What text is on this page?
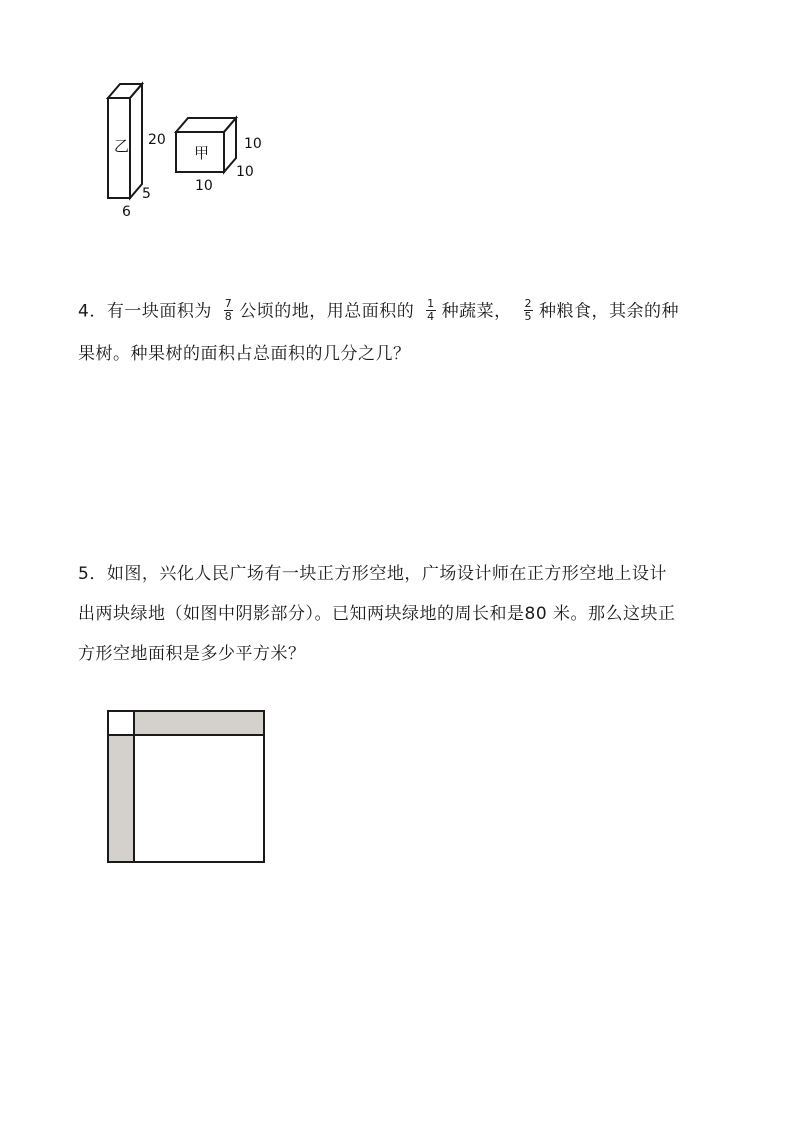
乙 20
5
6
甲 10
10
10
4．有一块面积为 $\frac{7}{8}$ 公顷的地，用总面积的 $\frac{1}{4}$ 种蔬菜， $\frac{2}{5}$ 种粮食，其余的种
果树。种果树的面积占总面积的几分之几？
5．如图，兴化人民广场有一块正方形空地，广场设计师在正方形空地上设计
出两块绿地（如图中阴影部分）。已知两块绿地的周长和是80 米。那么这块正
方形空地面积是多少平方米？
